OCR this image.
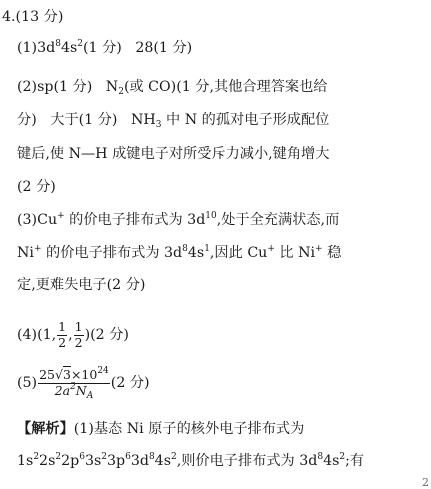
4.(13 分)
$(1)3d^84s^2(1$ 分) 28(1 分)
(2)sp(1 分) $N_2$(或 CO)(1 分,其他合理答案也给
分) 大于(1 分) $NH_3$ 中 N 的孤对电子形成配位
键后,使 N—H 成键电子对所受斥力减小,键角增大
(2 分)
(3)Cu+ 的价电子排布式为 $3d^{10}$,处于全充满状态,而
Ni+ 的价电子排布式为 $3d^84s^1$,因此 Cu+ 比 Ni+ 稳
定,更难失电子(2 分)
(4)(1, $\frac{1}{2}$ , $\frac{1}{2} )(2$ 分)
$(5) \frac{25√3\times 10^{24}}{2a^2N_A} (2$ 分)
【解析】(1)基态 Ni 原子的核外电子排布式为
$1s^22s^22p^63s^23p^63d^84s^2$,则价电子排布式为 $3d^84s^2$;有
2
